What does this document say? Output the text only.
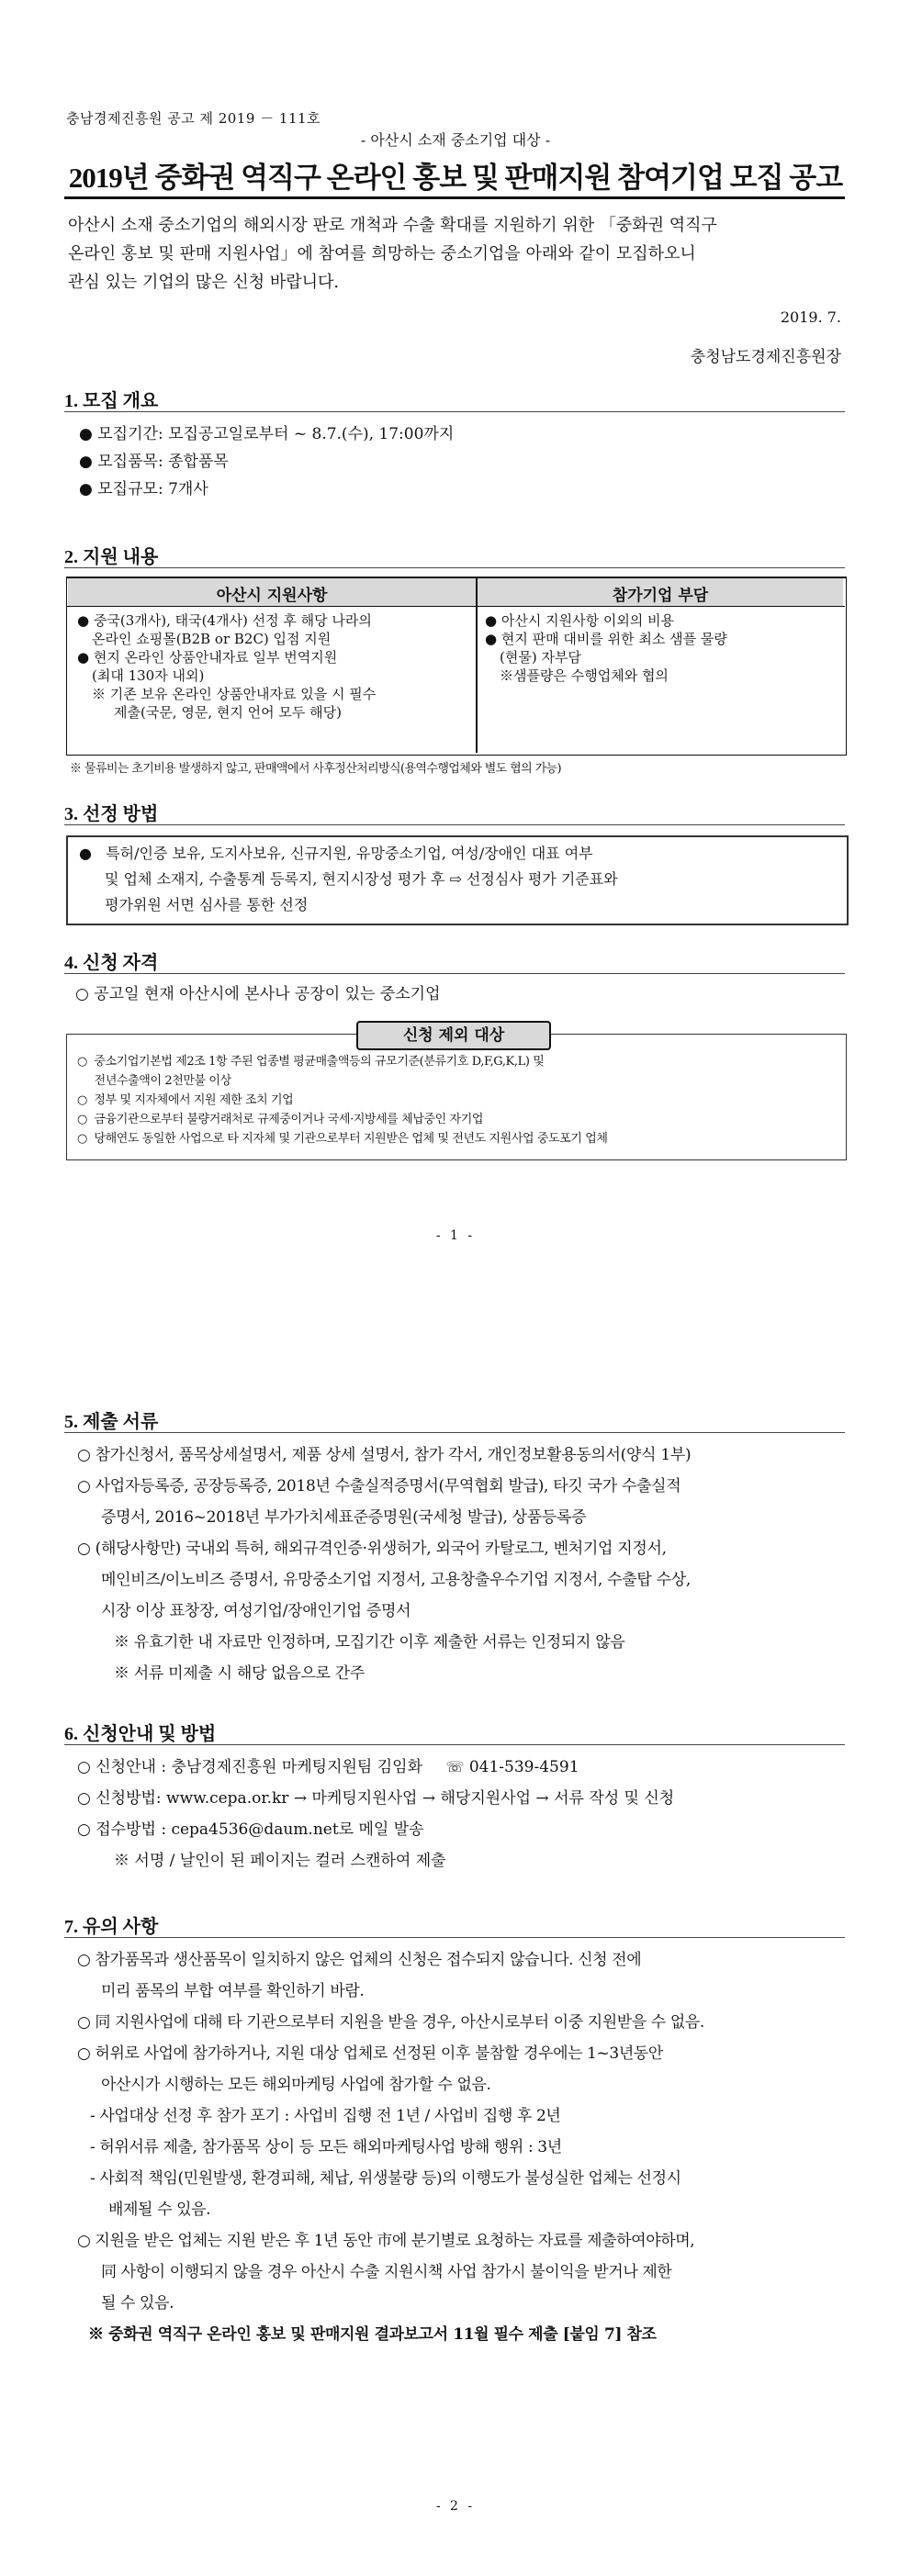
충남경제진흥원 공고 제 2019 － 111호
- 아산시 소재 중소기업 대상 -
2019년 중화권 역직구 온라인 홍보 및 판매지원 참여기업 모집 공고
아산시 소재 중소기업의 해외시장 판로 개척과 수출 확대를 지원하기 위한 「중화권 역직구
온라인 홍보 및 판매 지원사업」에 참여를 희망하는 중소기업을 아래와 같이 모집하오니
관심 있는 기업의 많은 신청 바랍니다.
2019. 7.
충청남도경제진흥원장
1. 모집 개요
● 모집기간: 모집공고일로부터 ~ 8.7.(수), 17:00까지
● 모집품목: 종합품목
● 모집규모: 7개사
2. 지원 내용
아산시 지원사항	참가기업 부담
● 중국(3개사), 태국(4개사) 선정 후 해당 나라의
온라인 쇼핑몰(B2B or B2C) 입점 지원
● 현지 온라인 상품안내자료 일부 번역지원
(최대 130자 내외)
※ 기존 보유 온라인 상품안내자료 있을 시 필수
제출(국문, 영문, 현지 언어 모두 해당)
● 아산시 지원사항 이외의 비용
● 현지 판매 대비를 위한 최소 샘플 물량
(현물) 자부담
※샘플량은 수행업체와 협의
※ 물류비는 초기비용 발생하지 않고, 판매액에서 사후정산처리방식(용역수행업체와 별도 협의 가능)
3. 선정 방법
●   특허/인증 보유, 도지사보유, 신규지원, 유망중소기업, 여성/장애인 대표 여부
및 업체 소재지, 수출통계 등록지, 현지시장성 평가 후 ⇨ 선정심사 평가 기준표와
평가위원 서면 심사를 통한 선정
4. 신청 자격
○ 공고일 현재 아산시에 본사나 공장이 있는 중소기업
신청 제외 대상
○  중소기업기본법 제2조 1항 주된 업종별 평균매출액등의 규모기준(분류기호 D,F,G,K,L) 및
전년수출액이 2천만불 이상
○  정부 및 지자체에서 지원 제한 조치 기업
○  금융기관으로부터 불량거래처로 규제중이거나 국세·지방세를 체납중인 자기업
○  당해연도 동일한 사업으로 타 지자체 및 기관으로부터 지원받은 업체 및 전년도 지원사업 중도포기 업체
- 1 -
5. 제출 서류
○ 참가신청서, 품목상세설명서, 제품 상세 설명서, 참가 각서, 개인정보활용동의서(양식 1부)
○ 사업자등록증, 공장등록증, 2018년 수출실적증명서(무역협회 발급), 타깃 국가 수출실적
증명서, 2016~2018년 부가가치세표준증명원(국세청 발급), 상품등록증
○ (해당사항만) 국내외 특허, 해외규격인증·위생허가, 외국어 카탈로그, 벤처기업 지정서,
메인비즈/이노비즈 증명서, 유망중소기업 지정서, 고용창출우수기업 지정서, 수출탑 수상,
시장 이상 표창장, 여성기업/장애인기업 증명서
※ 유효기한 내 자료만 인정하며, 모집기간 이후 제출한 서류는 인정되지 않음
※ 서류 미제출 시 해당 없음으로 간주
6. 신청안내 및 방법
○ 신청안내 : 충남경제진흥원 마케팅지원팀 김임화 ☏ 041-539-4591
○ 신청방법: www.cepa.or.kr → 마케팅지원사업 → 해당지원사업 → 서류 작성 및 신청
○ 접수방법 : cepa4536@daum.net로 메일 발송
※ 서명 / 날인이 된 페이지는 컬러 스캔하여 제출
7. 유의 사항
○ 참가품목과 생산품목이 일치하지 않은 업체의 신청은 접수되지 않습니다. 신청 전에
미리 품목의 부합 여부를 확인하기 바람.
○ 同 지원사업에 대해 타 기관으로부터 지원을 받을 경우, 아산시로부터 이중 지원받을 수 없음.
○ 허위로 사업에 참가하거나, 지원 대상 업체로 선정된 이후 불참할 경우에는 1~3년동안
아산시가 시행하는 모든 해외마케팅 사업에 참가할 수 없음.
- 사업대상 선정 후 참가 포기 : 사업비 집행 전 1년 / 사업비 집행 후 2년
- 허위서류 제출, 참가품목 상이 등 모든 해외마케팅사업 방해 행위 : 3년
- 사회적 책임(민원발생, 환경피해, 체납, 위생불량 등)의 이행도가 불성실한 업체는 선정시
배제될 수 있음.
○ 지원을 받은 업체는 지원 받은 후 1년 동안 市에 분기별로 요청하는 자료를 제출하여야하며,
同 사항이 이행되지 않을 경우 아산시 수출 지원시책 사업 참가시 불이익을 받거나 제한
될 수 있음.
※ 중화권 역직구 온라인 홍보 및 판매지원 결과보고서 11월 필수 제출 [붙임 7] 참조
- 2 -
